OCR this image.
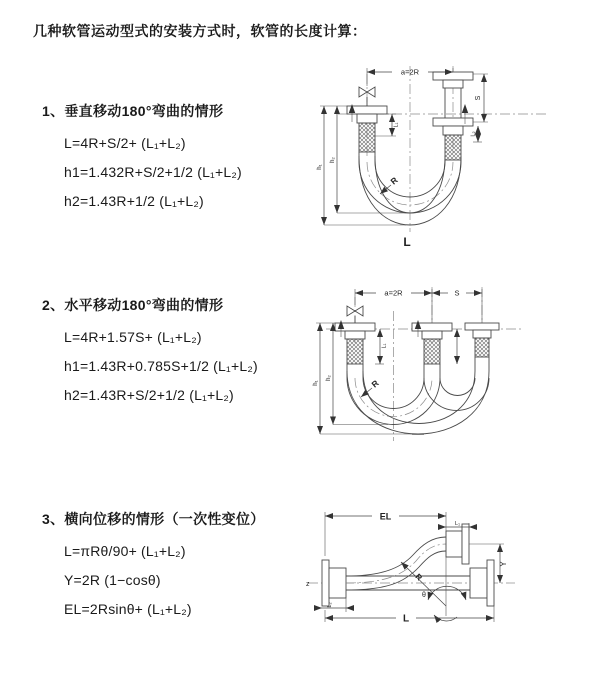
几种软管运动型式的安装方式时，软管的长度计算：
1、垂直移动180°弯曲的情形

L=4R+S/2+ (L₁+L₂)

h1=1.432R+S/2+1/2 (L₁+L₂)

h2=1.43R+1/2 (L₁+L₂)

2、水平移动180°弯曲的情形

L=4R+1.57S+ (L₁+L₂)

h1=1.43R+0.785S+1/2 (L₁+L₂)

h2=1.43R+S/2+1/2 (L₁+L₂)

3、横向位移的情形（一次性变位）

L=πRθ/90+ (L₁+L₂)

Y=2R (1−cosθ)

EL=2Rsinθ+ (L₁+L₂)

a=2R
S
L₂
L₁
h₁
h₂
R
L
a=2R	S
h₁
h₂
L₁
R
z
EL
L₁
Y
R
θ
L
L₂
